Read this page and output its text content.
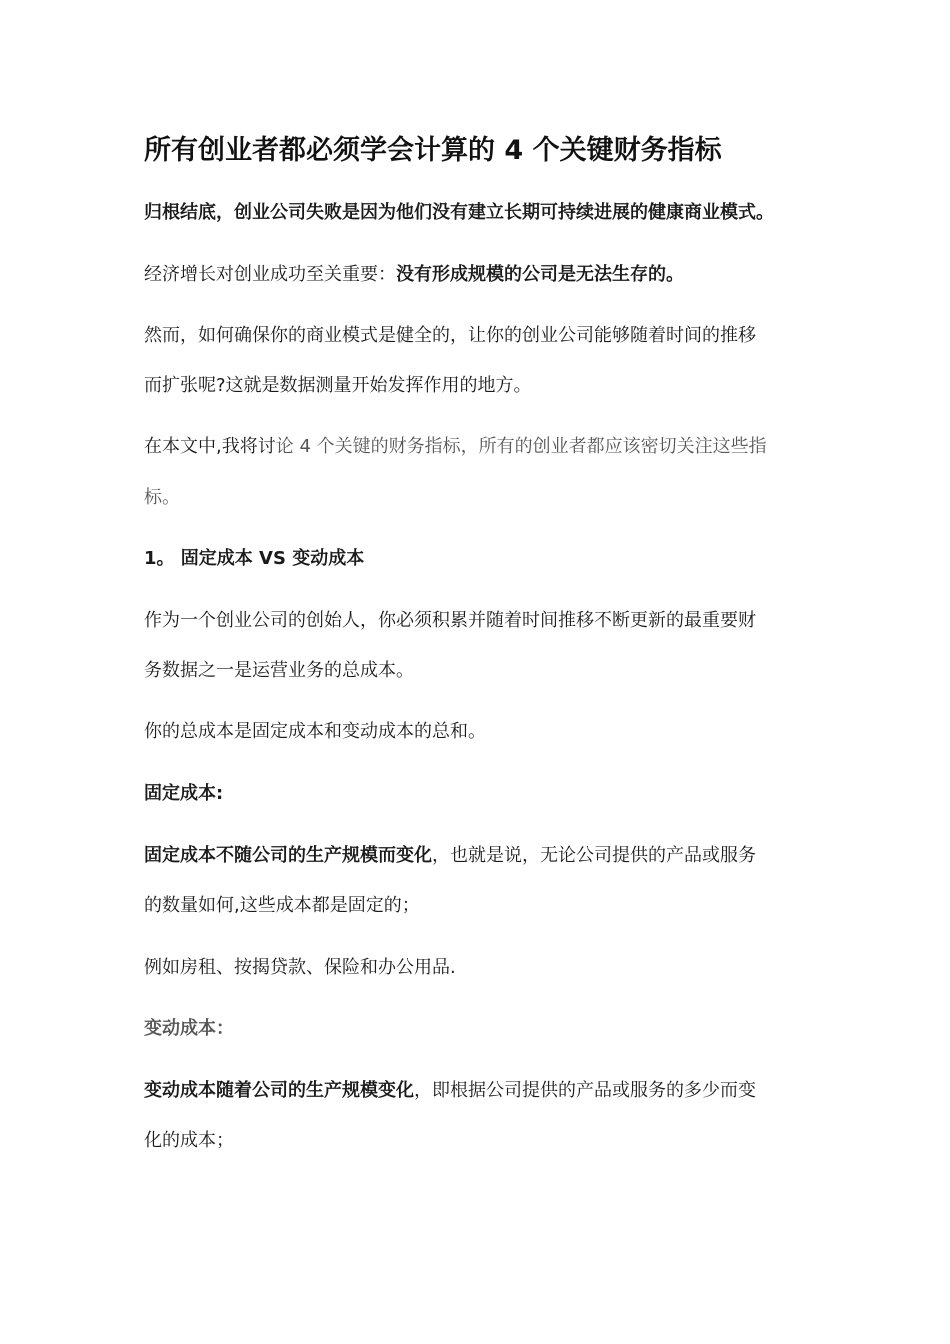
所有创业者都必须学会计算的 4 个关键财务指标
归根结底，创业公司失败是因为他们没有建立长期可持续进展的健康商业模式。
经济增长对创业成功至关重要：没有形成规模的公司是无法生存的。
然而，如何确保你的商业模式是健全的，让你的创业公司能够随着时间的推移
而扩张呢?这就是数据测量开始发挥作用的地方。
在本文中,我将讨论 4 个关键的财务指标，所有的创业者都应该密切关注这些指
标。
1。 固定成本 VS 变动成本
作为一个创业公司的创始人，你必须积累并随着时间推移不断更新的最重要财
务数据之一是运营业务的总成本。
你的总成本是固定成本和变动成本的总和。
固定成本:
固定成本不随公司的生产规模而变化，也就是说，无论公司提供的产品或服务
的数量如何,这些成本都是固定的；
例如房租、按揭贷款、保险和办公用品.
变动成本：
变动成本随着公司的生产规模变化，即根据公司提供的产品或服务的多少而变
化的成本；
